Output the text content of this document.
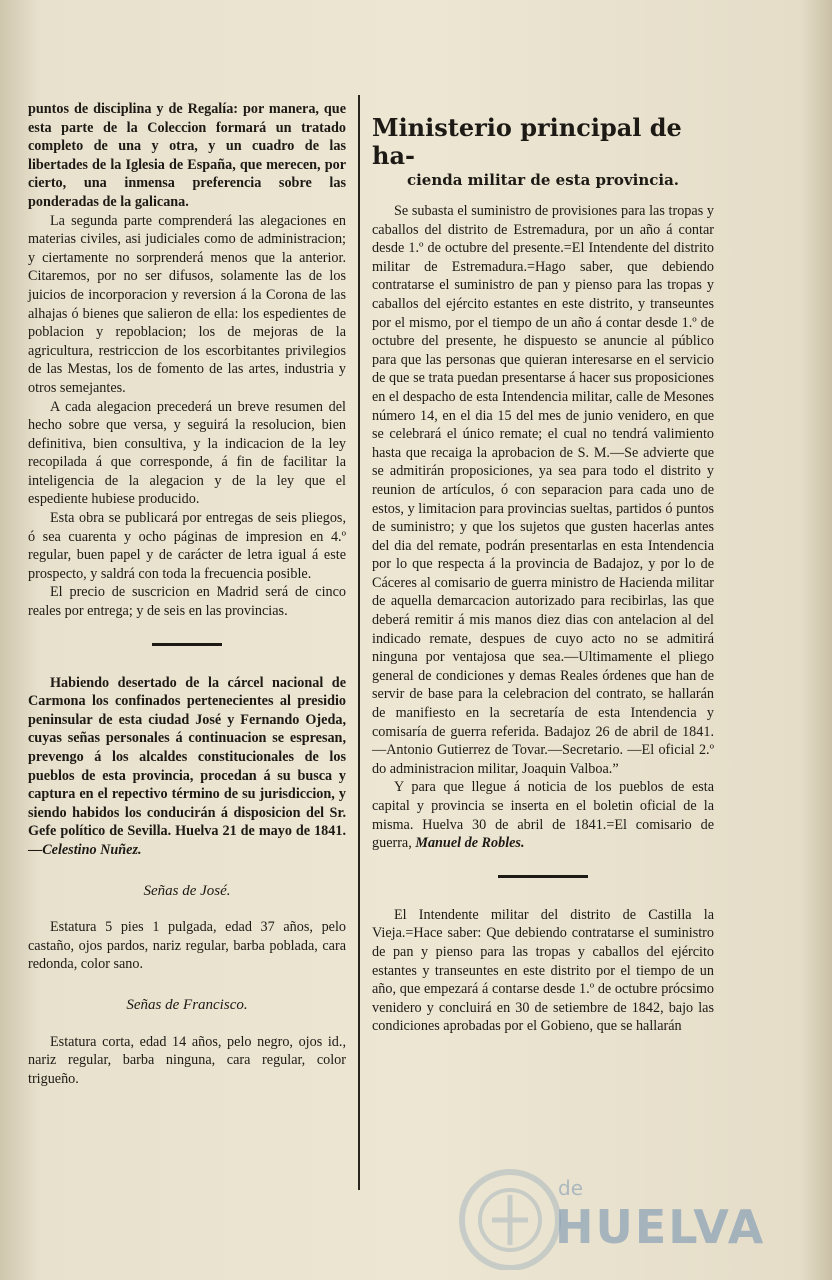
puntos de disciplina y de Regalía: por manera, que esta parte de la Coleccion formará un tratado completo de una y otra, y un cuadro de las libertades de la Iglesia de España, que merecen, por cierto, una inmensa preferencia sobre las ponderadas de la galicana.

La segunda parte comprenderá las alegaciones en materias civiles, asi judiciales como de administracion; y ciertamente no sorprenderá menos que la anterior. Citaremos, por no ser difusos, solamente las de los juicios de incorporacion y reversion á la Corona de las alhajas ó bienes que salieron de ella: los espedientes de poblacion y repoblacion; los de mejoras de la agricultura, restriccion de los escorbitantes privilegios de las Mestas, los de fomento de las artes, industria y otros semejantes.

A cada alegacion precederá un breve resumen del hecho sobre que versa, y seguirá la resolucion, bien definitiva, bien consultiva, y la indicacion de la ley recopilada á que corresponde, á fin de facilitar la inteligencia de la alegacion y de la ley que el espediente hubiese producido.

Esta obra se publicará por entregas de seis pliegos, ó sea cuarenta y ocho páginas de impresion en 4.º regular, buen papel y de carácter de letra igual á este prospecto, y saldrá con toda la frecuencia posible.

El precio de suscricion en Madrid será de cinco reales por entrega; y de seis en las provincias.

Habiendo desertado de la cárcel nacional de Carmona los confinados pertenecientes al presidio peninsular de esta ciudad José y Fernando Ojeda, cuyas señas personales á continuacion se espresan, prevengo á los alcaldes constitucionales de los pueblos de esta provincia, procedan á su busca y captura en el repectivo término de su jurisdiccion, y siendo habidos los conducirán á disposicion del Sr. Gefe político de Sevilla. Huelva 21 de mayo de 1841.—Celestino Nuñez.

Señas de José.

Estatura 5 pies 1 pulgada, edad 37 años, pelo castaño, ojos pardos, nariz regular, barba poblada, cara redonda, color sano.

Señas de Francisco.

Estatura corta, edad 14 años, pelo negro, ojos id., nariz regular, barba ninguna, cara regular, color trigueño.

Ministerio principal de ha-
cienda militar de esta provincia.

Se subasta el suministro de provisiones para las tropas y caballos del distrito de Estremadura, por un año á contar desde 1.º de octubre del presente.=El Intendente del distrito militar de Estremadura.=Hago saber, que debiendo contratarse el suministro de pan y pienso para las tropas y caballos del ejército estantes en este distrito, y transeuntes por el mismo, por el tiempo de un año á contar desde 1.º de octubre del presente, he dispuesto se anuncie al público para que las personas que quieran interesarse en el servicio de que se trata puedan presentarse á hacer sus proposiciones en el despacho de esta Intendencia militar, calle de Mesones número 14, en el dia 15 del mes de junio venidero, en que se celebrará el único remate; el cual no tendrá valimiento hasta que recaiga la aprobacion de S. M.—Se advierte que se admitirán proposiciones, ya sea para todo el distrito y reunion de artículos, ó con separacion para cada uno de estos, y limitacion para provincias sueltas, partidos ó puntos de suministro; y que los sujetos que gusten hacerlas antes del dia del remate, podrán presentarlas en esta Intendencia por lo que respecta á la provincia de Badajoz, y por lo de Cáceres al comisario de guerra ministro de Hacienda militar de aquella demarcacion autorizado para recibirlas, las que deberá remitir á mis manos diez dias con antelacion al del indicado remate, despues de cuyo acto no se admitirá ninguna por ventajosa que sea.—Ultimamente el pliego general de condiciones y demas Reales órdenes que han de servir de base para la celebracion del contrato, se hallarán de manifiesto en la secretaría de esta Intendencia y comisaría de guerra referida. Badajoz 26 de abril de 1841. —Antonio Gutierrez de Tovar.—Secretario. —El oficial 2.º do administracion militar, Joaquin Valboa.”

Y para que llegue á noticia de los pueblos de esta capital y provincia se inserta en el boletin oficial de la misma. Huelva 30 de abril de 1841.=El comisario de guerra, Manuel de Robles.

El Intendente militar del distrito de Castilla la Vieja.=Hace saber: Que debiendo contratarse el suministro de pan y pienso para las tropas y caballos del ejército estantes y transeuntes en este distrito por el tiempo de un año, que empezará á contarse desde 1.º de octubre prócsimo venidero y concluirá en 30 de setiembre de 1842, bajo las condiciones aprobadas por el Gobieno, que se hallarán

de
HUELVA
